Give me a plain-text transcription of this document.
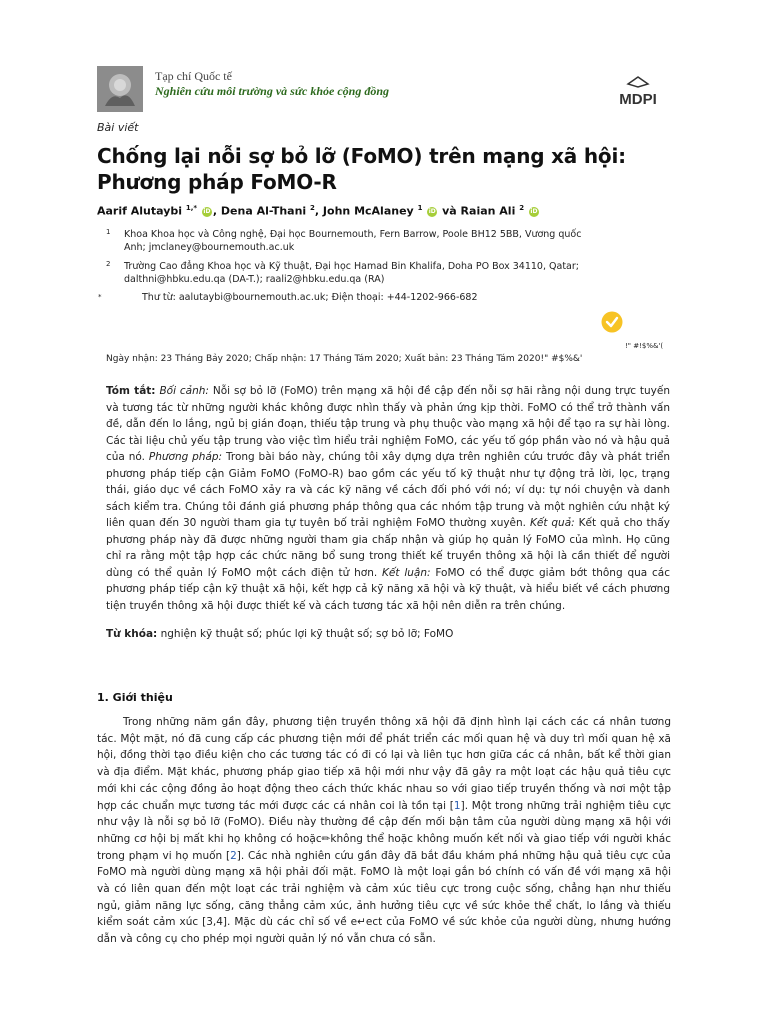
Tạp chí Quốc tế
Nghiên cứu môi trường và sức khỏe cộng đồng	MDPI
Bài viết
Chống lại nỗi sợ bỏ lỡ (FoMO) trên mạng xã hội: Phương pháp FoMO-R
Aarif Alutaybi $^{1,*}$ iD , Dena Al-Thani $^2$, John McAlaney $^1$ iD và Raian Ali $^2$ iD
$^1$ Khoa Khoa học và Công nghệ, Đại học Bournemouth, Fern Barrow, Poole BH12 5BB, Vương quốc Anh; jmclaney@bournemouth.ac.uk
$^2$ Trường Cao đẳng Khoa học và Kỹ thuật, Đại học Hamad Bin Khalifa, Doha PO Box 34110, Qatar; dalthni@hbku.edu.qa (DA-T.); raali2@hbku.edu.qa (RA)
*	Thư từ: aalutaybi@bournemouth.ac.uk; Điện thoại: +44-1202-966-682
!" #!$%&'(
Ngày nhận: 23 Tháng Bảy 2020; Chấp nhận: 17 Tháng Tám 2020; Xuất bản: 23 Tháng Tám 2020!" #$%&'
Tóm tắt: Bối cảnh: Nỗi sợ bỏ lỡ (FoMO) trên mạng xã hội đề cập đến nỗi sợ hãi rằng nội dung trực tuyến và tương tác từ những người khác không được nhìn thấy và phản ứng kịp thời. FoMO có thể trở thành vấn đề, dẫn đến lo lắng, ngủ bị gián đoạn, thiếu tập trung và phụ thuộc vào mạng xã hội để tạo ra sự hài lòng. Các tài liệu chủ yếu tập trung vào việc tìm hiểu trải nghiệm FoMO, các yếu tố góp phần vào nó và hậu quả của nó. Phương pháp: Trong bài báo này, chúng tôi xây dựng dựa trên nghiên cứu trước đây và phát triển phương pháp tiếp cận Giảm FoMO (FoMO-R) bao gồm các yếu tố kỹ thuật như tự động trả lời, lọc, trạng thái, giáo dục về cách FoMO xảy ra và các kỹ năng về cách đối phó với nó; ví dụ: tự nói chuyện và danh sách kiểm tra. Chúng tôi đánh giá phương pháp thông qua các nhóm tập trung và một nghiên cứu nhật ký liên quan đến 30 người tham gia tự tuyên bố trải nghiệm FoMO thường xuyên. Kết quả: Kết quả cho thấy phương pháp này đã được những người tham gia chấp nhận và giúp họ quản lý FoMO của mình. Họ cũng chỉ ra rằng một tập hợp các chức năng bổ sung trong thiết kế truyền thông xã hội là cần thiết để người dùng có thể quản lý FoMO một cách điện tử hơn. Kết luận: FoMO có thể được giảm bớt thông qua các phương pháp tiếp cận kỹ thuật xã hội, kết hợp cả kỹ năng xã hội và kỹ thuật, và hiểu biết về cách phương tiện truyền thông xã hội được thiết kế và cách tương tác xã hội nên diễn ra trên chúng.
Từ khóa: nghiện kỹ thuật số; phúc lợi kỹ thuật số; sợ bỏ lỡ; FoMO
1. Giới thiệu
Trong những năm gần đây, phương tiện truyền thông xã hội đã định hình lại cách các cá nhân tương tác. Một mặt, nó đã cung cấp các phương tiện mới để phát triển các mối quan hệ và duy trì mối quan hệ xã hội, đồng thời tạo điều kiện cho các tương tác có đi có lại và liên tục hơn giữa các cá nhân, bất kể thời gian và địa điểm. Mặt khác, phương pháp giao tiếp xã hội mới như vậy đã gây ra một loạt các hậu quả tiêu cực mới khi các cộng đồng ảo hoạt động theo cách thức khác nhau so với giao tiếp truyền thống và nơi một tập hợp các chuẩn mực tương tác mới được các cá nhân coi là tồn tại [1]. Một trong những trải nghiệm tiêu cực như vậy là nỗi sợ bỏ lỡ (FoMO). Điều này thường đề cập đến mối bận tâm của người dùng mạng xã hội với những cơ hội bị mất khi họ không có hoặc✏không thể hoặc không muốn kết nối và giao tiếp với người khác trong phạm vi họ muốn [2]. Các nhà nghiên cứu gần đây đã bắt đầu khám phá những hậu quả tiêu cực của FoMO mà người dùng mạng xã hội phải đối mặt. FoMO là một loại gắn bó chính có vấn đề với mạng xã hội và có liên quan đến một loạt các trải nghiệm và cảm xúc tiêu cực trong cuộc sống, chẳng hạn như thiếu ngủ, giảm năng lực sống, căng thẳng cảm xúc, ảnh hưởng tiêu cực về sức khỏe thể chất, lo lắng và thiếu kiểm soát cảm xúc [3,4]. Mặc dù các chỉ số về e↵ect của FoMO về sức khỏe của người dùng, nhưng hướng dẫn và công cụ cho phép mọi người quản lý nó vẫn chưa có sẵn.
